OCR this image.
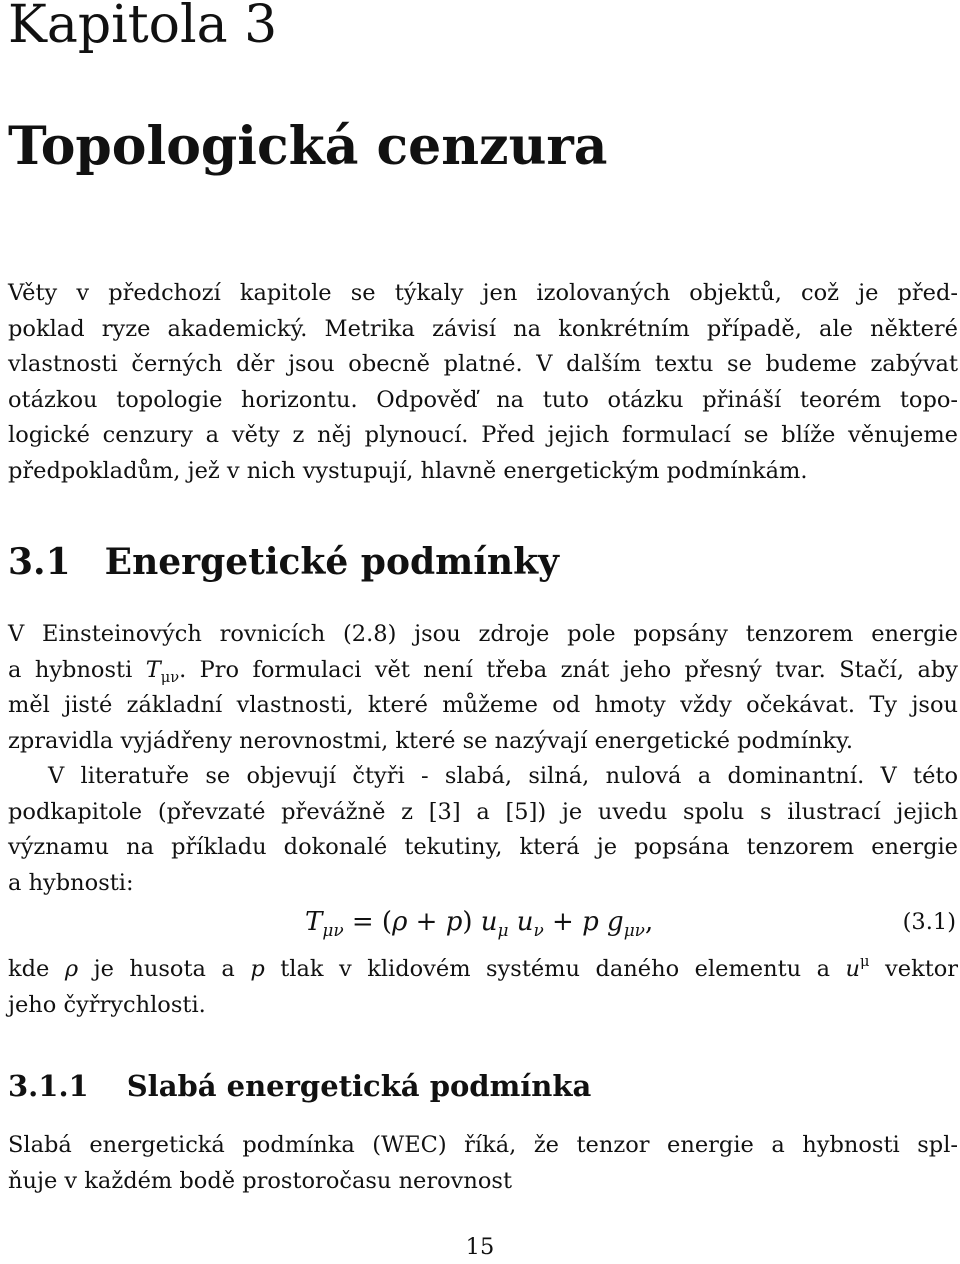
Kapitola 3
Topologická cenzura
Věty v předchozí kapitole se týkaly jen izolovaných objektů, což je před-
poklad ryze akademický. Metrika závisí na konkrétním případě, ale některé
vlastnosti černých děr jsou obecně platné. V dalším textu se budeme zabývat
otázkou topologie horizontu. Odpověď na tuto otázku přináší teorém topo-
logické cenzury a věty z něj plynoucí. Před jejich formulací se blíže věnujeme
předpokladům, jež v nich vystupují, hlavně energetickým podmínkám.
3.1 Energetické podmínky
V Einsteinových rovnicích (2.8) jsou zdroje pole popsány tenzorem energie
a hybnosti $T_{\mu\nu}$. Pro formulaci vět není třeba znát jeho přesný tvar. Stačí, aby
měl jisté základní vlastnosti, které můžeme od hmoty vždy očekávat. Ty jsou
zpravidla vyjádřeny nerovnostmi, které se nazývají energetické podmínky.
V literatuře se objevují čtyři - slabá, silná, nulová a dominantní. V této
podkapitole (převzaté převážně z [3] a [5]) je uvedu spolu s ilustrací jejich
významu na příkladu dokonalé tekutiny, která je popsána tenzorem energie
a hybnosti:
$T_{\mu\nu} = (\rho + p)$ $u_\mu$ $u_\nu + p$ $g_{\mu\nu}$,	(3.1)
kde ρ je husota a p tlak v klidovém systému daného elementu a $u^\mu$ vektor
jeho čyřrychlosti.
3.1.1 Slabá energetická podmínka
Slabá energetická podmínka (WEC) říká, že tenzor energie a hybnosti spl-
ňuje v každém bodě prostoročasu nerovnost
15
